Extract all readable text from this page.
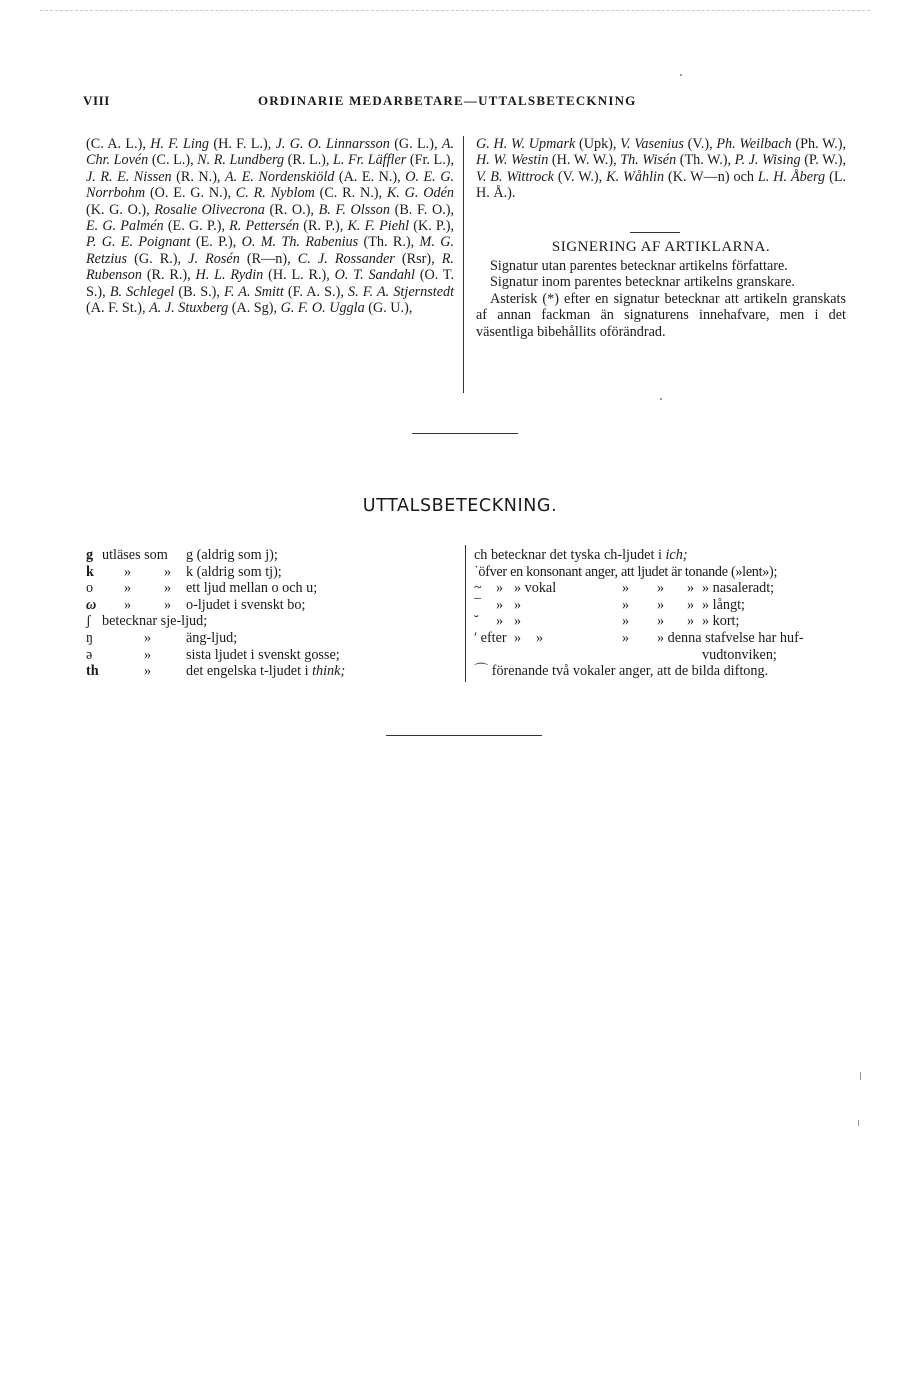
VIII	ORDINARIE MEDARBETARE—UTTALSBETECKNING
(C. A. L.), H. F. Ling (H. F. L.), J. G. O. Linnarsson (G. L.), A. Chr. Lovén (C. L.), N. R. Lundberg (R. L.), L. Fr. Läffler (Fr. L.), J. R. E. Nissen (R. N.), A. E. Nordenskiöld (A. E. N.), O. E. G. Norrbohm (O. E. G. N.), C. R. Nyblom (C. R. N.), K. G. Odén (K. G. O.), Rosalie Olivecrona (R. O.), B. F. Olsson (B. F. O.), E. G. Palmén (E. G. P.), R. Pettersén (R. P.), K. F. Piehl (K. P.), P. G. E. Poignant (E. P.), O. M. Th. Rabenius (Th. R.), M. G. Retzius (G. R.), J. Rosén (R—n), C. J. Rossander (Rsr), R. Rubenson (R. R.), H. L. Rydin (H. L. R.), O. T. Sandahl (O. T. S.), B. Schlegel (B. S.), F. A. Smitt (F. A. S.), S. F. A. Stjernstedt (A. F. St.), A. J. Stuxberg (A. Sg), G. F. O. Uggla (G. U.),
G. H. W. Upmark (Upk), V. Vasenius (V.), Ph. Weilbach (Ph. W.), H. W. Westin (H. W. W.), Th. Wisén (Th. W.), P. J. Wising (P. W.), V. B. Wittrock (V. W.), K. Wåhlin (K. W—n) och L. H. Åberg (L. H. Å.).
SIGNERING AF ARTIKLARNA.

Signatur utan parentes betecknar artikelns författare.

Signatur inom parentes betecknar artikelns granskare.

Asterisk (*) efter en signatur betecknar att artikeln granskats af annan fackman än signaturens innehafvare, men i det väsentliga bibehållits oförändrad.

UTTALSBETECKNING.
g utläses som g (aldrig som j);
k » » k (aldrig som tj);
o » » ett ljud mellan o och u;
ω » » o-ljudet i svenskt bo;
ʃ betecknar sje-ljud;
ŋ	» äng-ljud;
ə	» sista ljudet i svenskt gosse;
th	» det engelska t-ljudet i think;
ch betecknar det tyska ch-ljudet i ich;
˙öfver en konsonant anger, att ljudet är tonande (»lent»);
~ » » vokal	» » » » nasaleradt;
¯ » »	» » » » långt;
˘ » »	» » » » kort;
ʹ efter » »	» » denna stafvelse har huf-
vudtonviken;
⌒ förenande två vokaler anger, att de bilda diftong.
